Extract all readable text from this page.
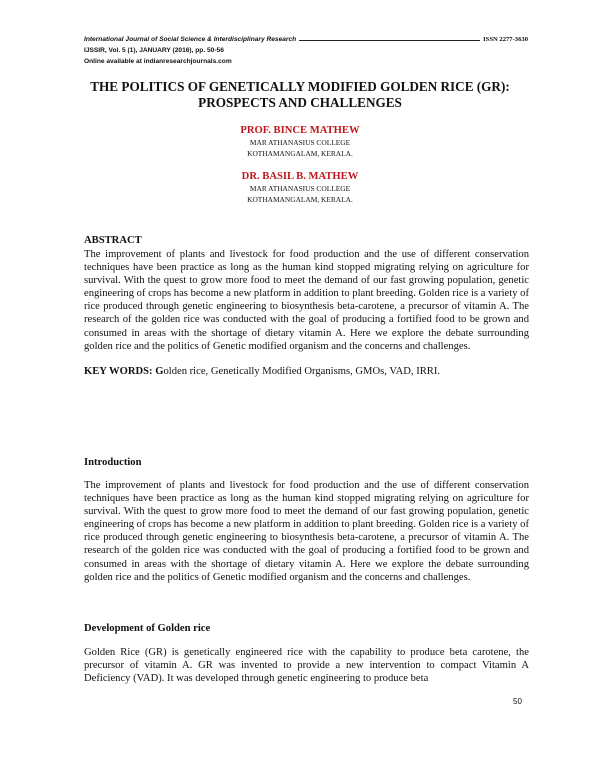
International Journal of Social Science & Interdisciplinary Research	ISSN 2277-3630
IJSSIR, Vol. 5 (1), JANUARY (2016), pp. 50-56
Online available at indianresearchjournals.com
THE POLITICS OF GENETICALLY MODIFIED GOLDEN RICE (GR):
PROSPECTS AND CHALLENGES
PROF. BINCE MATHEW
MAR ATHANASIUS COLLEGE
KOTHAMANGALAM, KERALA.
DR. BASIL B. MATHEW
MAR ATHANASIUS COLLEGE
KOTHAMANGALAM, KERALA.
ABSTRACT
The improvement of plants and livestock for food production and the use of different conservation techniques have been practice as long as the human kind stopped migrating relying on agriculture for survival. With the quest to grow more food to meet the demand of our fast growing population, genetic engineering of crops has become a new platform in addition to plant breeding. Golden rice is a variety of rice produced through genetic engineering to biosynthesis beta-carotene, a precursor of vitamin A. The research of the golden rice was conducted with the goal of producing a fortified food to be grown and consumed in areas with the shortage of dietary vitamin A. Here we explore the debate surrounding golden rice and the politics of Genetic modified organism and the concerns and challenges.
KEY WORDS: Golden rice, Genetically Modified Organisms, GMOs, VAD, IRRI.
Introduction
The improvement of plants and livestock for food production and the use of different conservation techniques have been practice as long as the human kind stopped migrating relying on agriculture for survival. With the quest to grow more food to meet the demand of our fast growing population, genetic engineering of crops has become a new platform in addition to plant breeding. Golden rice is a variety of rice produced through genetic engineering to biosynthesis beta-carotene, a precursor of vitamin A. The research of the golden rice was conducted with the goal of producing a fortified food to be grown and consumed in areas with the shortage of dietary vitamin A. Here we explore the debate surrounding golden rice and the politics of Genetic modified organism and the concerns and challenges.
Development of Golden rice
Golden Rice (GR) is genetically engineered rice with the capability to produce beta carotene, the precursor of vitamin A. GR was invented to provide a new intervention to compact Vitamin A Deficiency (VAD). It was developed through genetic engineering to produce beta
50
